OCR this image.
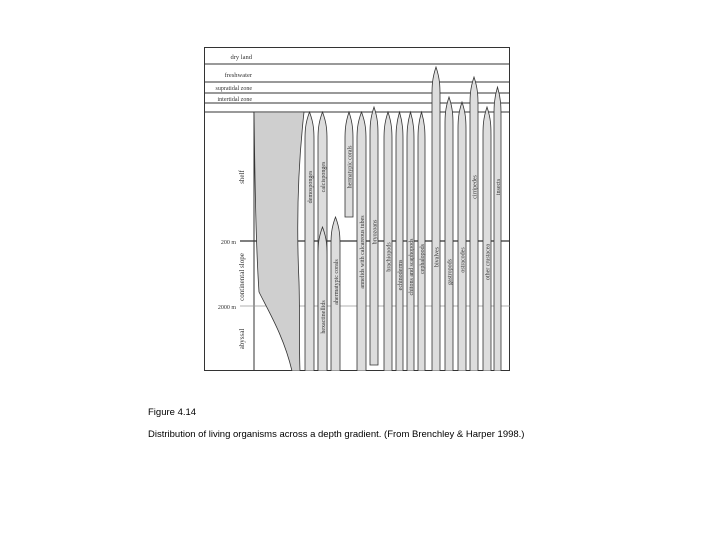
dry land
freshwater
supratidal zone
intertidal zone
shelf
continental slope
abyssal
200 m
2000 m
demosponges calcisponges	hermatypic corals
hexactinellids
ahermatypic corals	annelids with calcareous tubes bryozoans
brachiopods
echinoderms chitons and scaphopods cephalopods bivalves
gastropods ostracodes
cirripedes
other crustacea
insects
Figure 4.14
Distribution of living organisms across a depth gradient. (From Brenchley & Harper 1998.)
